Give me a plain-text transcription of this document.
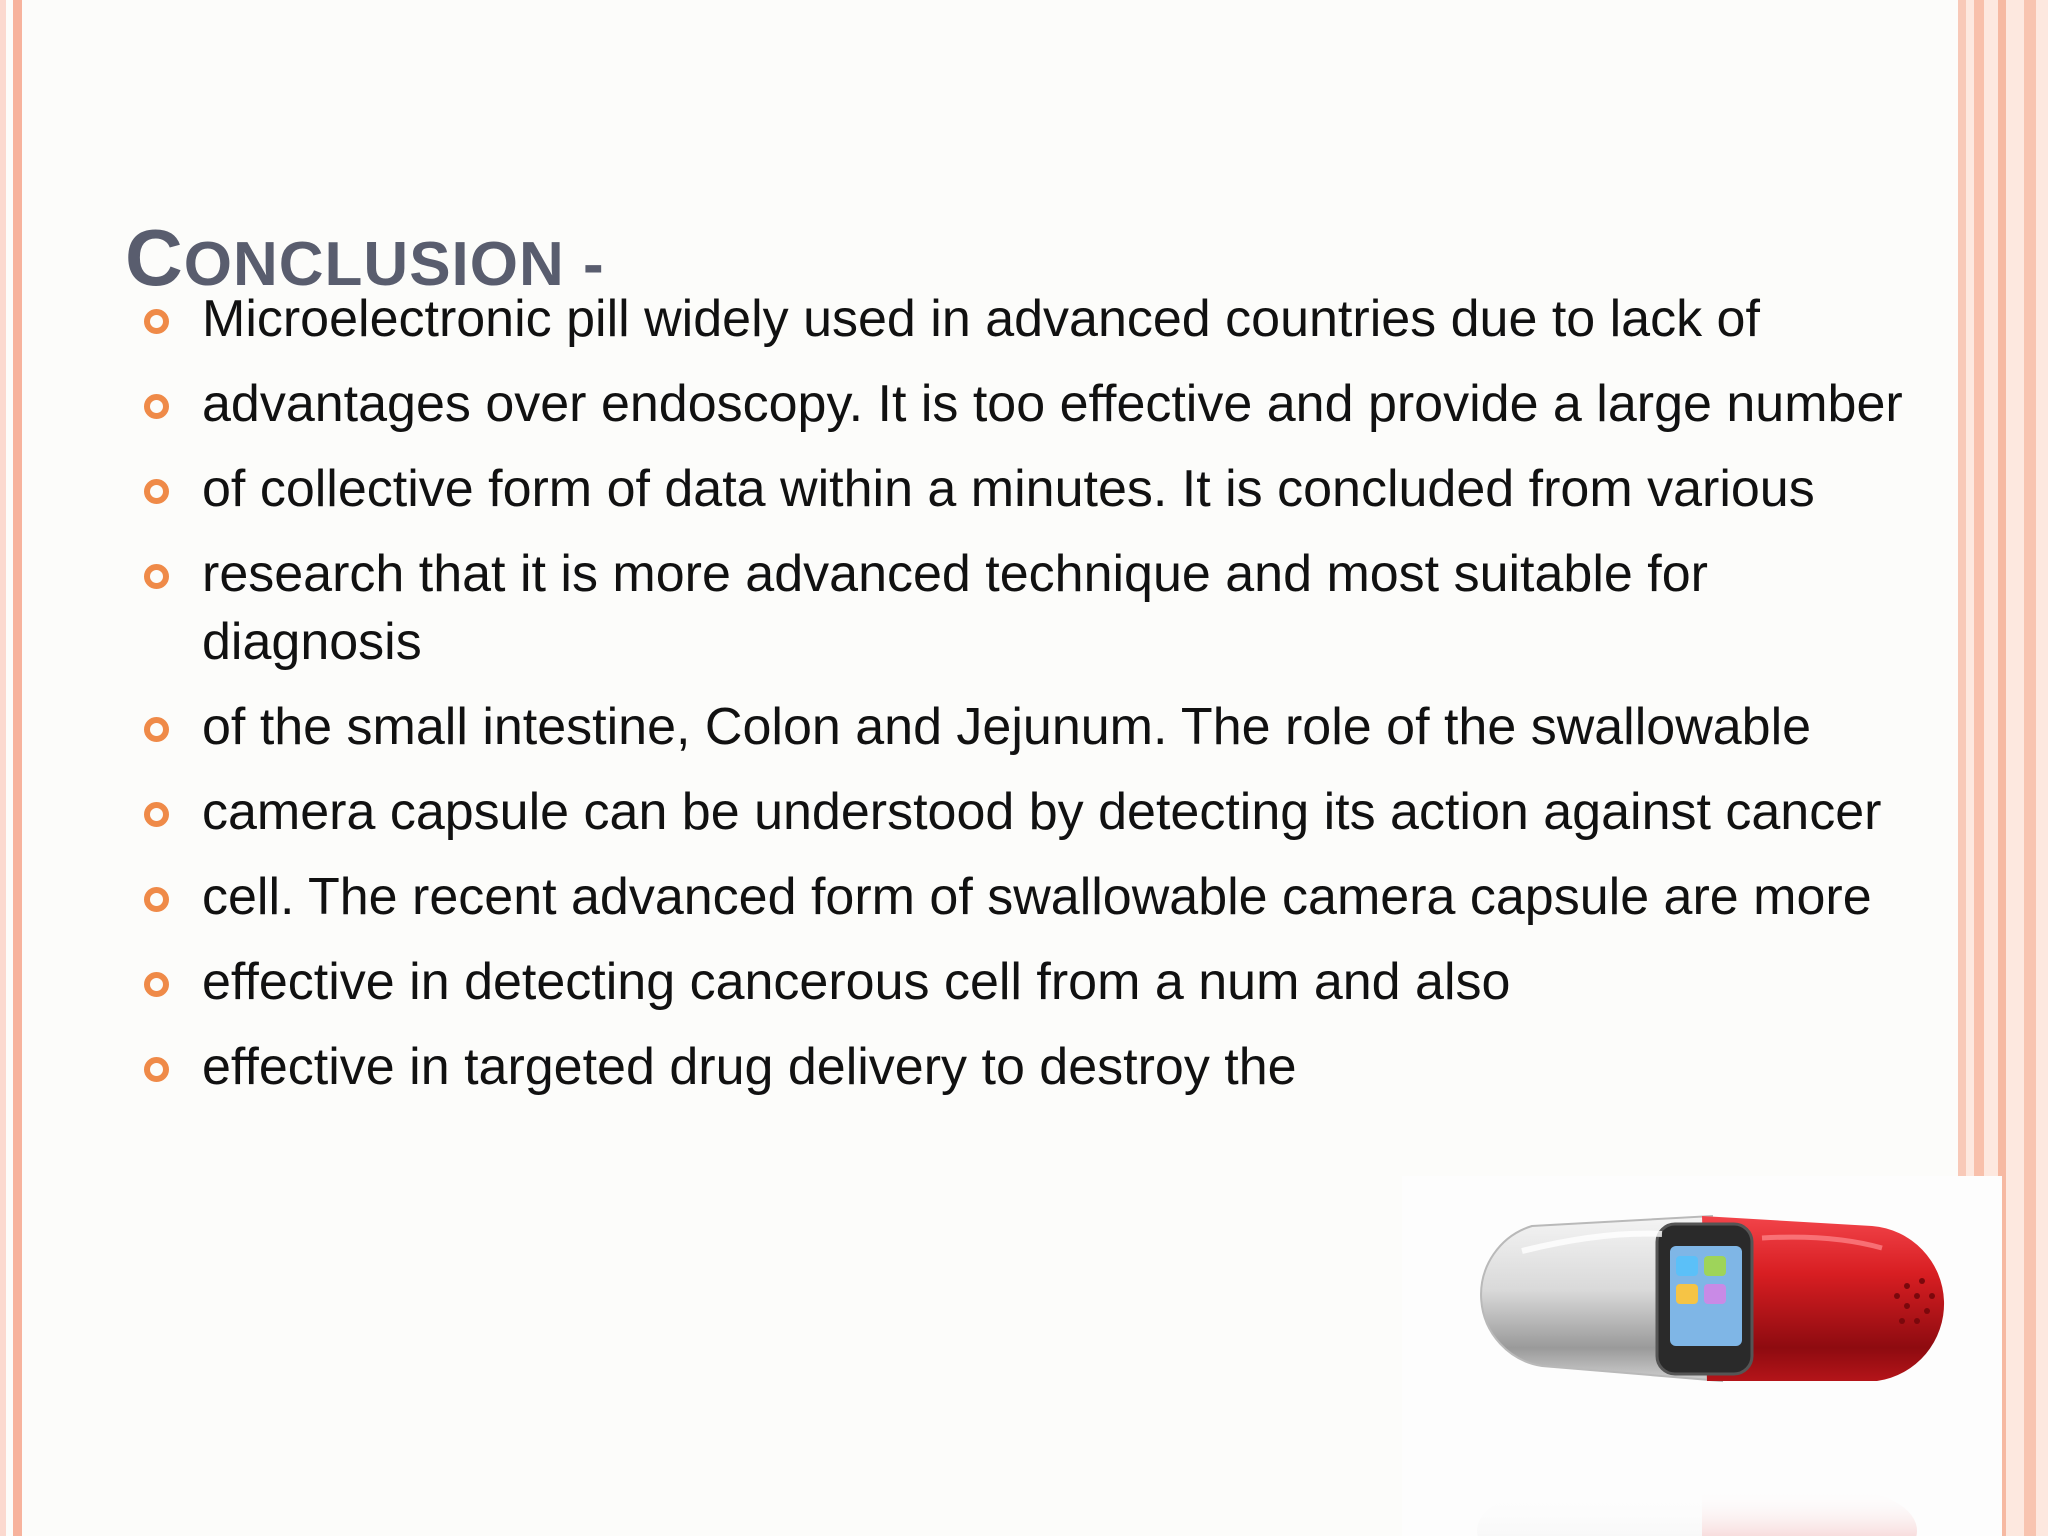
CONCLUSION -
Microelectronic pill widely used in advanced countries due to lack of
advantages over endoscopy. It is too effective and provide a large number
of collective form of data within a minutes. It is concluded from various
research that it is more advanced technique and most suitable for diagnosis
of the small intestine, Colon and Jejunum. The role of the swallowable
camera capsule can be understood by detecting its action against cancer
cell. The recent advanced form of swallowable camera capsule are more
effective in detecting cancerous cell from a num and also
effective in targeted drug delivery to destroy the
